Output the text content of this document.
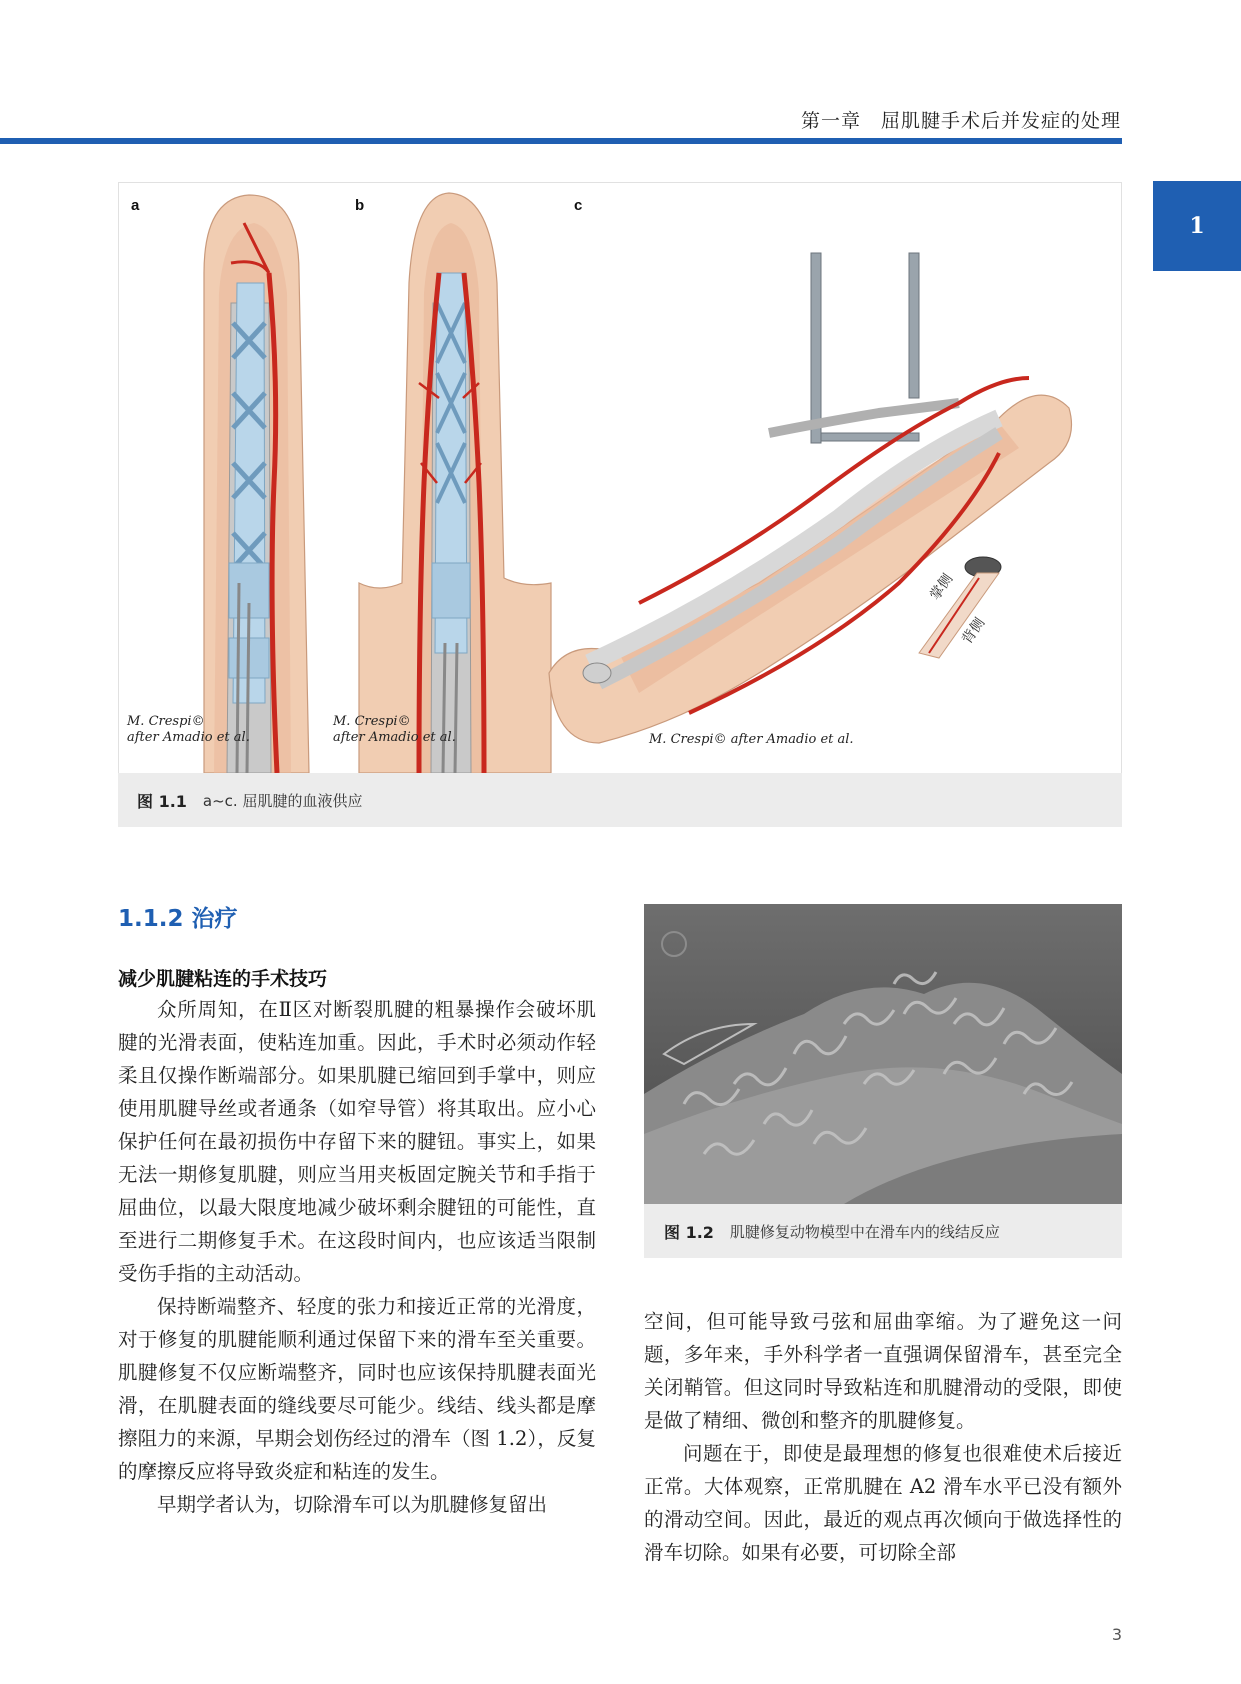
第一章　屈肌腱手术后并发症的处理
1
a
M. Crespi©
after Amadio et al.
b
M. Crespi©
after Amadio et al.
c
掌侧
背侧
M. Crespi© after Amadio et al.
图 1.1 a~c. 屈肌腱的血液供应
1.1.2 治疗
减少肌腱粘连的手术技巧

众所周知，在Ⅱ区对断裂肌腱的粗暴操作会破坏肌腱的光滑表面，使粘连加重。因此，手术时必须动作轻柔且仅操作断端部分。如果肌腱已缩回到手掌中，则应使用肌腱导丝或者通条（如窄导管）将其取出。应小心保护任何在最初损伤中存留下来的腱钮。事实上，如果无法一期修复肌腱，则应当用夹板固定腕关节和手指于屈曲位，以最大限度地减少破坏剩余腱钮的可能性，直至进行二期修复手术。在这段时间内，也应该适当限制受伤手指的主动活动。

保持断端整齐、轻度的张力和接近正常的光滑度，对于修复的肌腱能顺利通过保留下来的滑车至关重要。肌腱修复不仅应断端整齐，同时也应该保持肌腱表面光滑，在肌腱表面的缝线要尽可能少。线结、线头都是摩擦阻力的来源，早期会划伤经过的滑车（图 1.2），反复的摩擦反应将导致炎症和粘连的发生。

早期学者认为，切除滑车可以为肌腱修复留出

图 1.2 肌腱修复动物模型中在滑车内的线结反应

空间，但可能导致弓弦和屈曲挛缩。为了避免这一问题，多年来，手外科学者一直强调保留滑车，甚至完全关闭鞘管。但这同时导致粘连和肌腱滑动的受限，即使是做了精细、微创和整齐的肌腱修复。

问题在于，即使是最理想的修复也很难使术后接近正常。大体观察，正常肌腱在 A2 滑车水平已没有额外的滑动空间。因此，最近的观点再次倾向于做选择性的滑车切除。如果有必要，可切除全部

3
